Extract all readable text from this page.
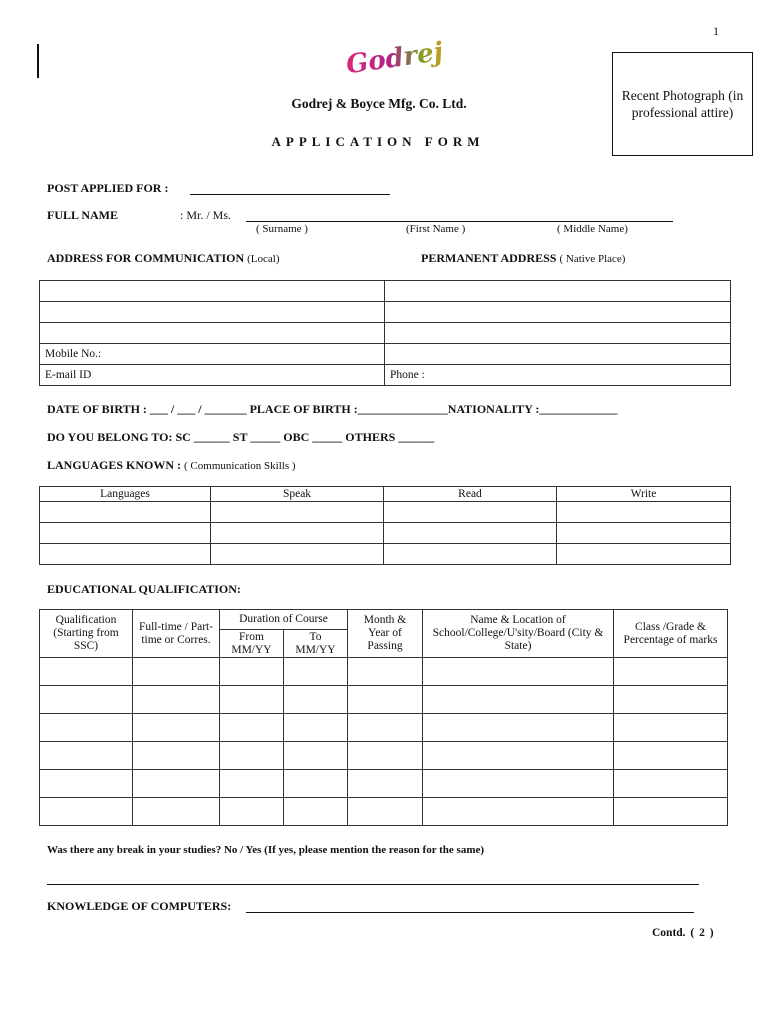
1
Godrej
Godrej & Boyce Mfg. Co. Ltd.
APPLICATION FORM
Recent Photograph (in professional attire)
POST APPLIED FOR :
FULL NAME	: Mr. / Ms.
( Surname )	(First Name )	( Middle Name)
ADDRESS FOR COMMUNICATION (Local)	PERMANENT ADDRESS ( Native Place)

Mobile No.:	
E-mail ID	Phone :
DATE OF BIRTH : ___ / ___ / _______ PLACE OF BIRTH :_______________NATIONALITY :_____________
DO YOU BELONG TO: SC ______ ST _____ OBC _____ OTHERS ______
LANGUAGES KNOWN : ( Communication Skills )
Languages	Speak	Read	Write

EDUCATIONAL QUALIFICATION:
Qualification (Starting from SSC)	Full-time / Part-time or Corres.	Duration of Course		Month & Year of Passing	Name & Location of School/College/U'sity/Board (City & State)	Class /Grade & Percentage of marks
		From MM/YY	To MM/YY			

Was there any break in your studies? No / Yes (If yes, please mention the reason for the same)
KNOWLEDGE OF COMPUTERS:
Contd. ( 2 )
